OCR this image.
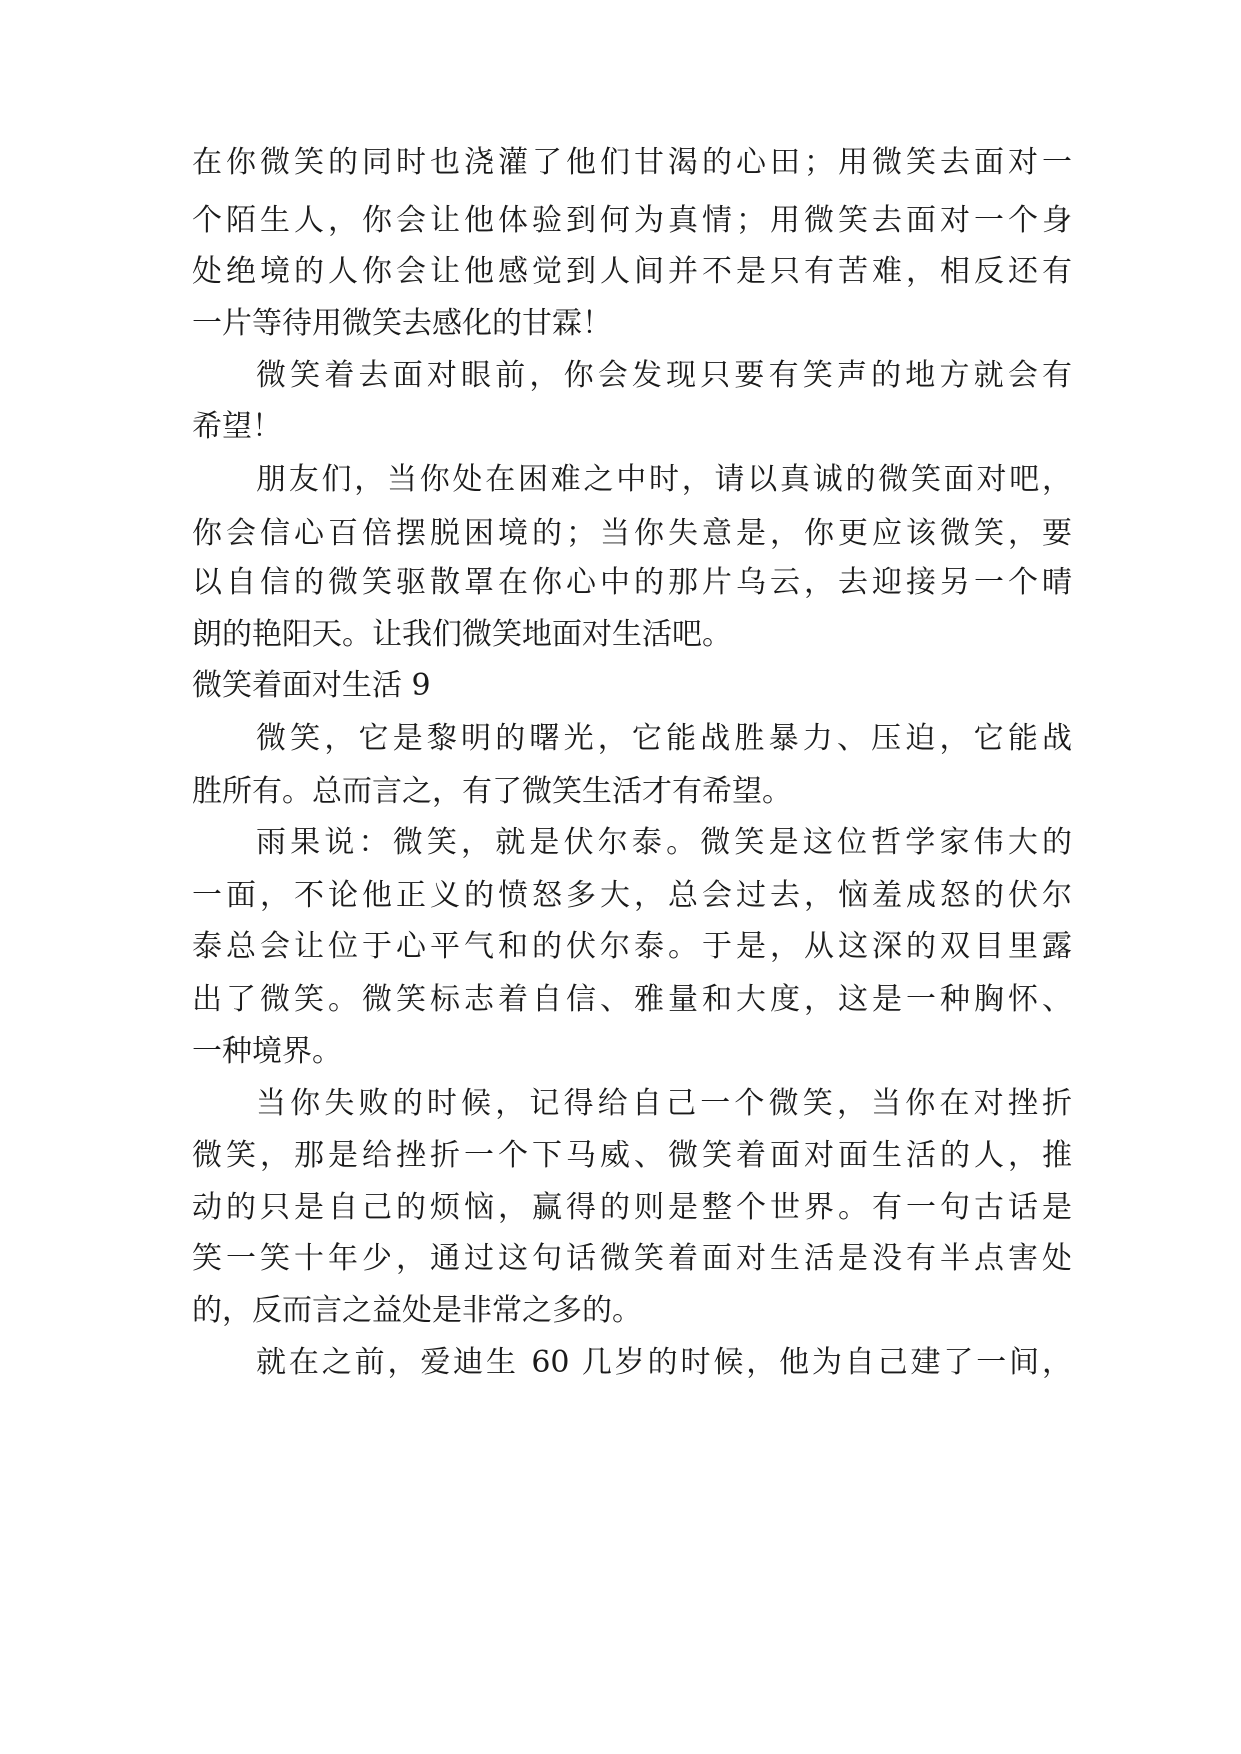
在你微笑的同时也浇灌了他们甘渴的心田；用微笑去面对一
个陌生人，你会让他体验到何为真情；用微笑去面对一个身
处绝境的人你会让他感觉到人间并不是只有苦难，相反还有
一片等待用微笑去感化的甘霖！
微笑着去面对眼前，你会发现只要有笑声的地方就会有
希望！
朋友们，当你处在困难之中时，请以真诚的微笑面对吧，
你会信心百倍摆脱困境的；当你失意是，你更应该微笑，要
以自信的微笑驱散罩在你心中的那片乌云，去迎接另一个晴
朗的艳阳天。让我们微笑地面对生活吧。
微笑着面对生活 9
微笑，它是黎明的曙光，它能战胜暴力、压迫，它能战
胜所有。总而言之，有了微笑生活才有希望。
雨果说：微笑，就是伏尔泰。微笑是这位哲学家伟大的
一面，不论他正义的愤怒多大，总会过去，恼羞成怒的伏尔
泰总会让位于心平气和的伏尔泰。于是，从这深的双目里露
出了微笑。微笑标志着自信、雅量和大度，这是一种胸怀、
一种境界。
当你失败的时候，记得给自己一个微笑，当你在对挫折
微笑，那是给挫折一个下马威、微笑着面对面生活的人，推
动的只是自己的烦恼，赢得的则是整个世界。有一句古话是
笑一笑十年少，通过这句话微笑着面对生活是没有半点害处
的，反而言之益处是非常之多的。
就在之前，爱迪生 60 几岁的时候，他为自己建了一间，
